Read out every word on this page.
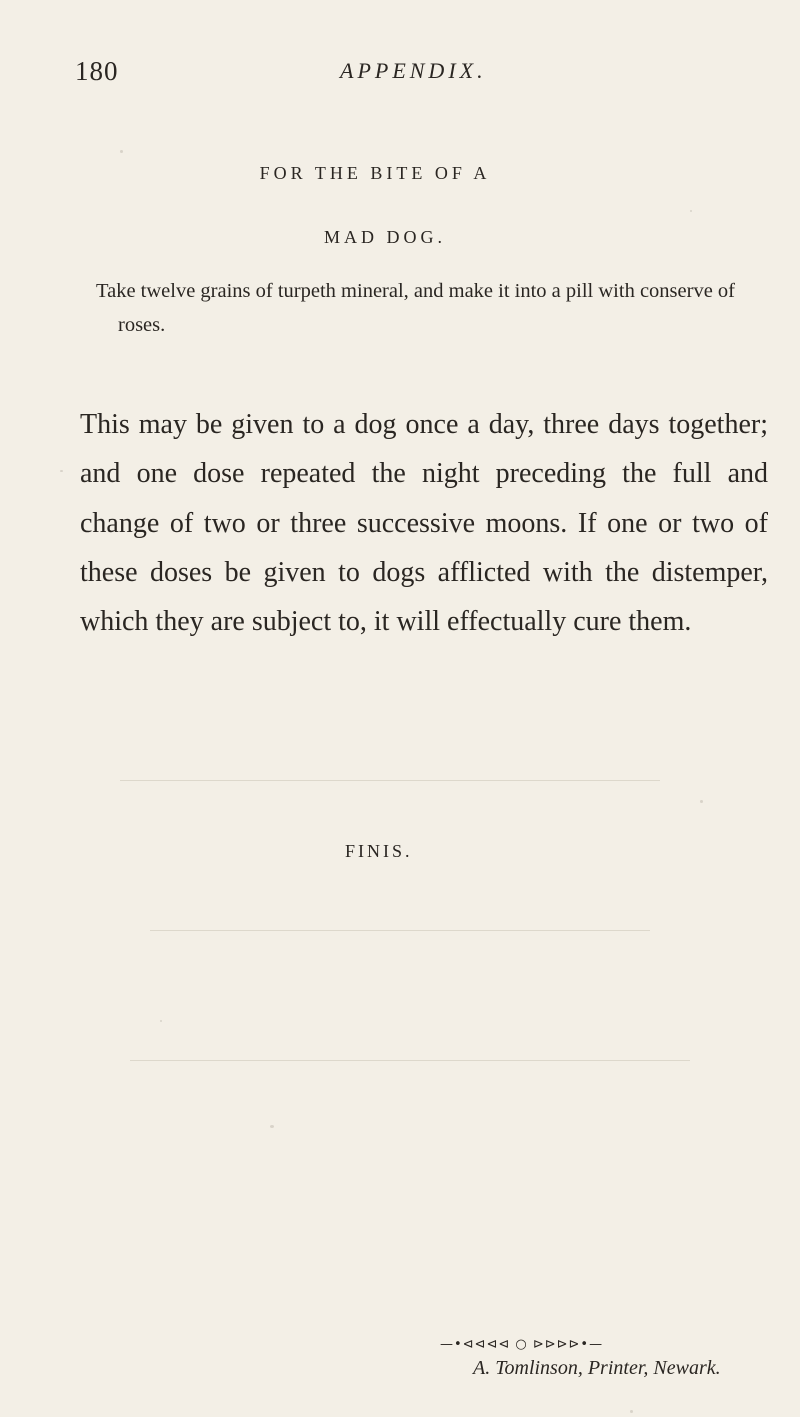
180	APPENDIX.
FOR THE BITE OF A
MAD DOG.

Take twelve grains of turpeth mineral, and make it into a pill with conserve of roses.

This may be given to a dog once a day, three days together; and one dose repeated the night preceding the full and change of two or three successive moons. If one or two of these doses be given to dogs afflicted with the distemper, which they are subject to, it will effectually cure them.

FINIS.
—•⊲⊲⊲⊲ ○ ⊳⊳⊳⊳•—
A. Tomlinson, Printer, Newark.
